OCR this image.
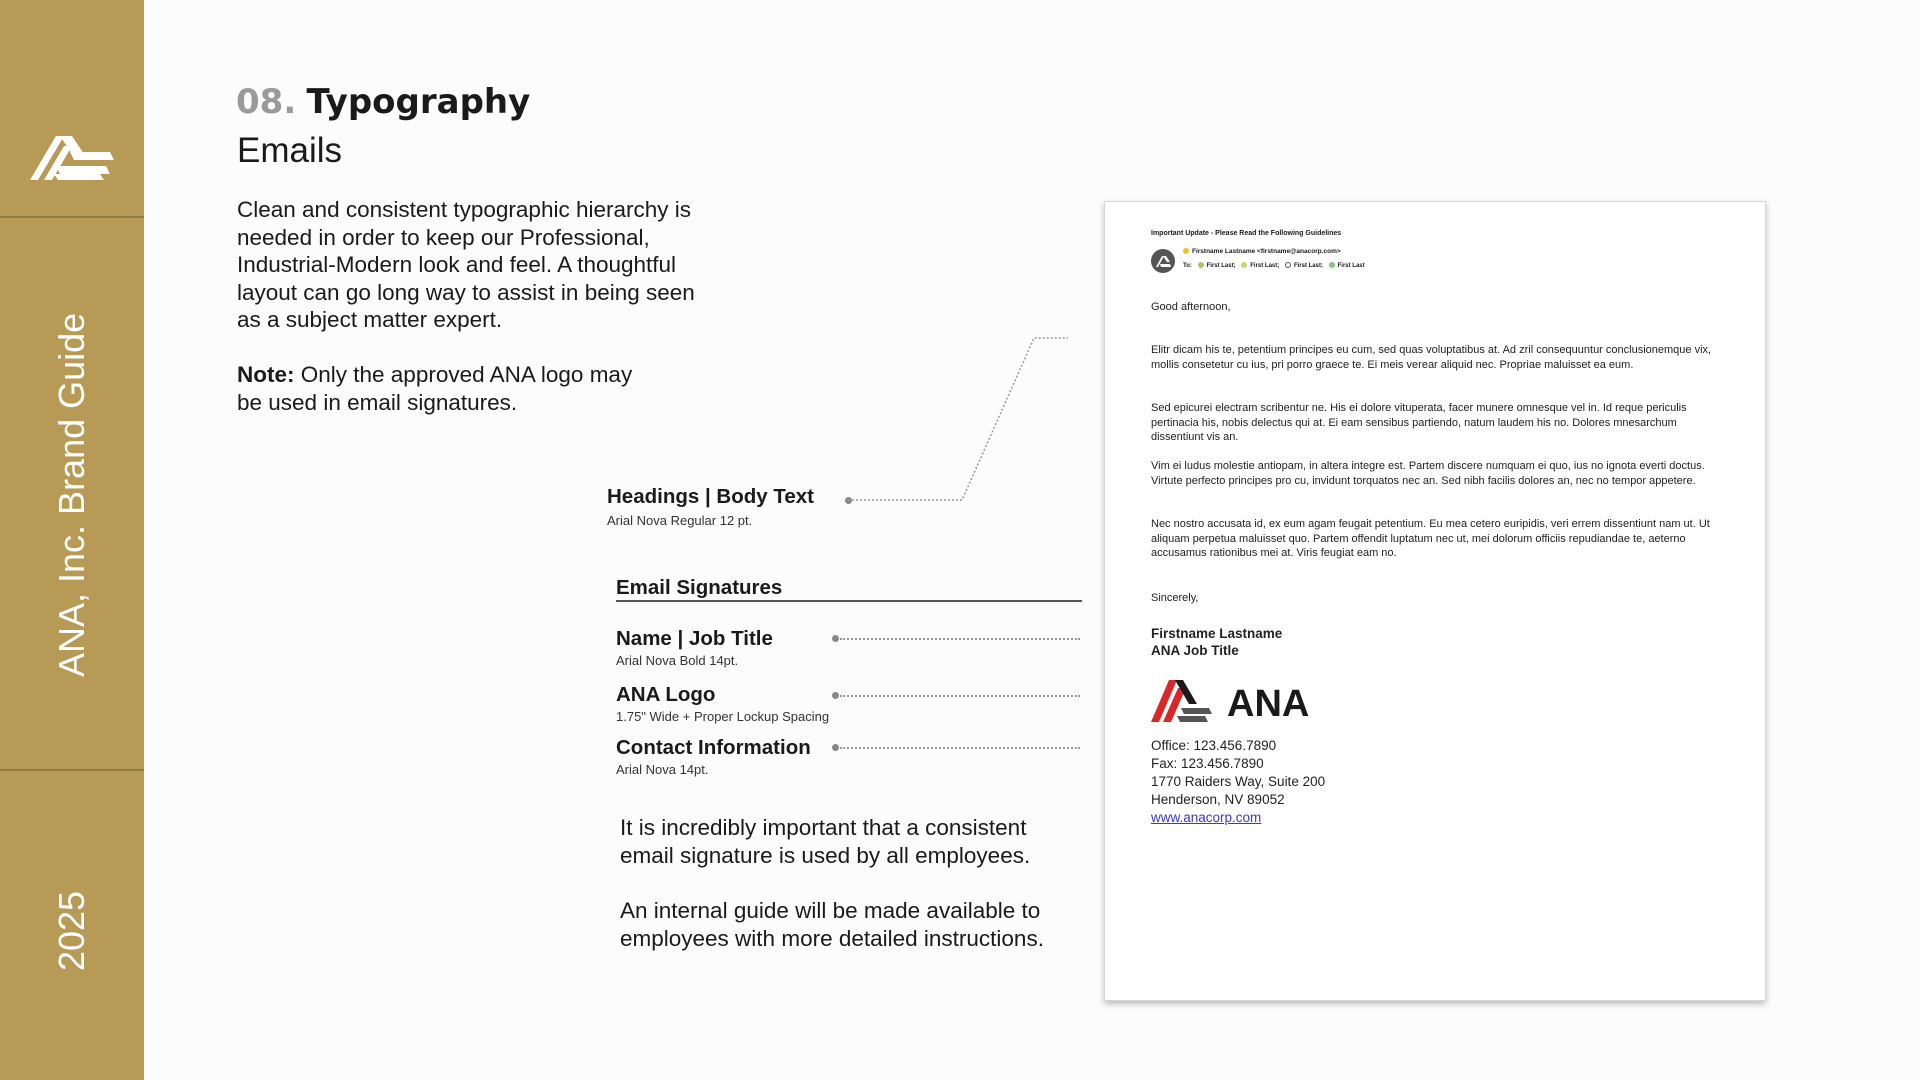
ANA, Inc. Brand Guide
2025
08. Typography
Emails
Clean and consistent typographic hierarchy is needed in order to keep our Professional, Industrial-Modern look and feel. A thoughtful layout can go long way to assist in being seen as a subject matter expert.
Note: Only the approved ANA logo may be used in email signatures.
Headings | Body Text
Arial Nova Regular 12 pt.
Email Signatures
Name | Job Title
Arial Nova Bold 14pt.
ANA Logo
1.75" Wide + Proper Lockup Spacing
Contact Information
Arial Nova 14pt.
It is incredibly important that a consistent email signature is used by all employees.
An internal guide will be made available to employees with more detailed instructions.
Important Update - Please Read the Following Guidelines
Firstname Lastname <firstname@anacorp.com>
To: First Last; First Last; First Last; First Last
Good afternoon,
Elitr dicam his te, petentium principes eu cum, sed quas voluptatibus at. Ad zril consequuntur conclusionemque vix, mollis consetetur cu ius, pri porro graece te. Ei meis verear aliquid nec. Propriae maluisset ea eum.
Sed epicurei electram scribentur ne. His ei dolore vituperata, facer munere omnesque vel in. Id reque periculis pertinacia his, nobis delectus qui at. Ei eam sensibus partiendo, natum laudem his no. Dolores mnesarchum dissentiunt vis an.
Vim ei ludus molestie antiopam, in altera integre est. Partem discere numquam ei quo, ius no ignota everti doctus. Virtute perfecto principes pro cu, invidunt torquatos nec an. Sed nibh facilis dolores an, nec no tempor appetere.
Nec nostro accusata id, ex eum agam feugait petentium. Eu mea cetero euripidis, veri errem dissentiunt nam ut. Ut aliquam perpetua maluisset quo. Partem offendit luptatum nec ut, mei dolorum officiis repudiandae te, aeterno accusamus rationibus mei at. Viris feugiat eam no.
Sincerely,
Firstname Lastname
ANA Job Title
ANA
Office: 123.456.7890
Fax: 123.456.7890
1770 Raiders Way, Suite 200
Henderson, NV 89052
www.anacorp.com
